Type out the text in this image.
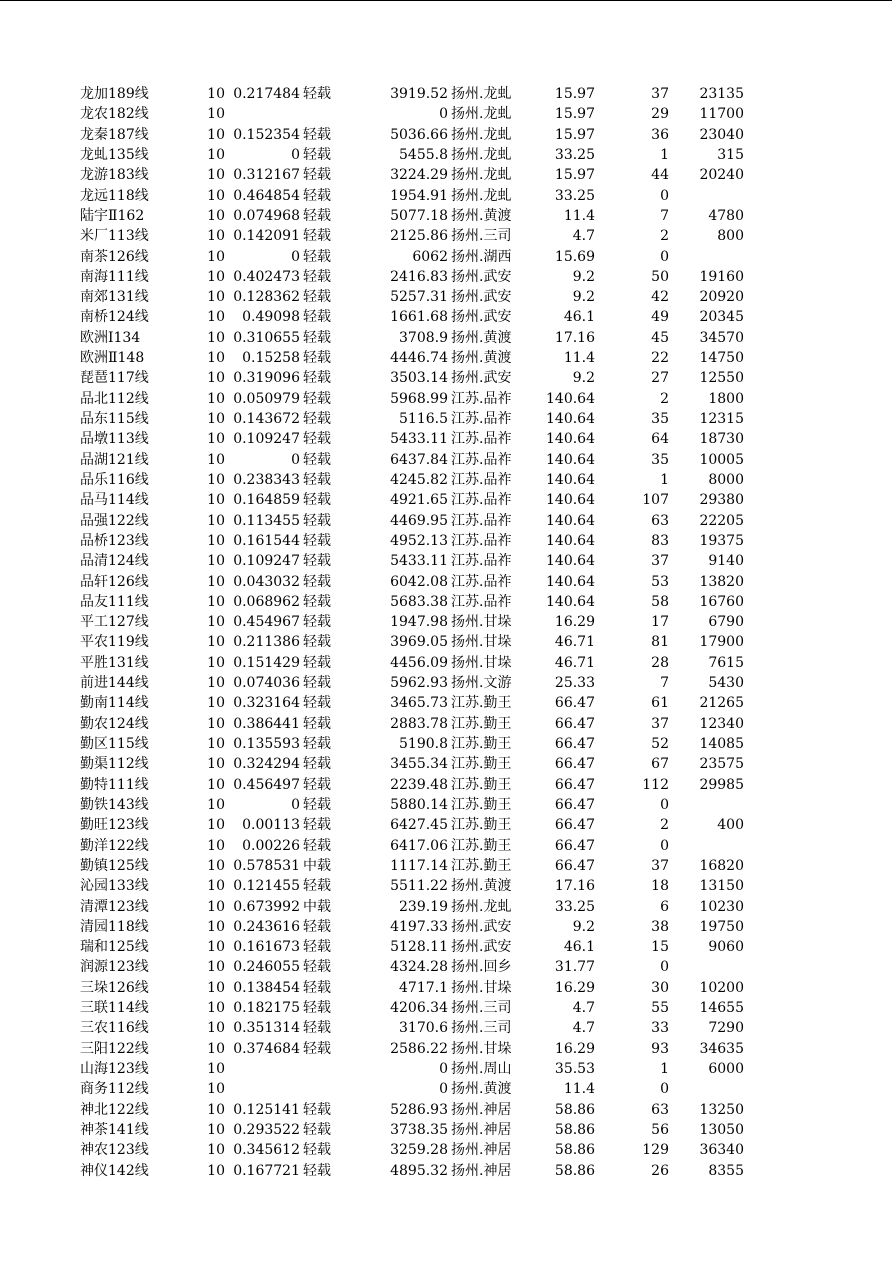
龙加189线	10 0.217484 轻载	3919.52 扬州.龙虬	15.97	37	23135
龙农182线	10	0 扬州.龙虬	15.97	29	11700
龙秦187线	10 0.152354 轻载	5036.66 扬州.龙虬	15.97	36	23040
龙虬135线	10	0 轻载	5455.8 扬州.龙虬	33.25	1	315
龙游183线	10 0.312167 轻载	3224.29 扬州.龙虬	15.97	44	20240
龙远118线	10 0.464854 轻载	1954.91 扬州.龙虬	33.25	0
陆宇Ⅱ162	10 0.074968 轻载	5077.18 扬州.黄渡	11.4	7	4780
米厂113线	10 0.142091 轻载	2125.86 扬州.三司	4.7	2	800
南茶126线	10	0 轻载	6062 扬州.湖西	15.69	0
南海111线	10 0.402473 轻载	2416.83 扬州.武安	9.2	50	19160
南郊131线	10 0.128362 轻载	5257.31 扬州.武安	9.2	42	20920
南桥124线	10	0.49098 轻载	1661.68 扬州.武安	46.1	49	20345
欧洲Ⅰ134	10 0.310655 轻载	3708.9 扬州.黄渡	17.16	45	34570
欧洲Ⅱ148	10	0.15258 轻载	4446.74 扬州.黄渡	11.4	22	14750
琵琶117线	10 0.319096 轻载	3503.14 扬州.武安	9.2	27	12550
品北112线	10 0.050979 轻载	5968.99 江苏.品祚	140.64	2	1800
品东115线	10 0.143672 轻载	5116.5 江苏.品祚	140.64	35	12315
品墩113线	10 0.109247 轻载	5433.11 江苏.品祚	140.64	64	18730
品湖121线	10	0 轻载	6437.84 江苏.品祚	140.64	35	10005
品乐116线	10 0.238343 轻载	4245.82 江苏.品祚	140.64	1	8000
品马114线	10 0.164859 轻载	4921.65 江苏.品祚	140.64	107	29380
品强122线	10 0.113455 轻载	4469.95 江苏.品祚	140.64	63	22205
品桥123线	10 0.161544 轻载	4952.13 江苏.品祚	140.64	83	19375
品清124线	10 0.109247 轻载	5433.11 江苏.品祚	140.64	37	9140
品轩126线	10 0.043032 轻载	6042.08 江苏.品祚	140.64	53	13820
品友111线	10 0.068962 轻载	5683.38 江苏.品祚	140.64	58	16760
平工127线	10 0.454967 轻载	1947.98 扬州.甘垛	16.29	17	6790
平农119线	10 0.211386 轻载	3969.05 扬州.甘垛	46.71	81	17900
平胜131线	10 0.151429 轻载	4456.09 扬州.甘垛	46.71	28	7615
前进144线	10 0.074036 轻载	5962.93 扬州.文游	25.33	7	5430
勤南114线	10 0.323164 轻载	3465.73 江苏.勤王	66.47	61	21265
勤农124线	10 0.386441 轻载	2883.78 江苏.勤王	66.47	37	12340
勤区115线	10 0.135593 轻载	5190.8 江苏.勤王	66.47	52	14085
勤渠112线	10 0.324294 轻载	3455.34 江苏.勤王	66.47	67	23575
勤特111线	10 0.456497 轻载	2239.48 江苏.勤王	66.47	112	29985
勤铁143线	10	0 轻载	5880.14 江苏.勤王	66.47	0
勤旺123线	10	0.00113 轻载	6427.45 江苏.勤王	66.47	2	400
勤洋122线	10	0.00226 轻载	6417.06 江苏.勤王	66.47	0
勤镇125线	10 0.578531 中载	1117.14 江苏.勤王	66.47	37	16820
沁园133线	10 0.121455 轻载	5511.22 扬州.黄渡	17.16	18	13150
清潭123线	10 0.673992 中载	239.19 扬州.龙虬	33.25	6	10230
清园118线	10 0.243616 轻载	4197.33 扬州.武安	9.2	38	19750
瑞和125线	10 0.161673 轻载	5128.11 扬州.武安	46.1	15	9060
润源123线	10 0.246055 轻载	4324.28 扬州.回乡	31.77	0
三垛126线	10 0.138454 轻载	4717.1 扬州.甘垛	16.29	30	10200
三联114线	10 0.182175 轻载	4206.34 扬州.三司	4.7	55	14655
三农116线	10 0.351314 轻载	3170.6 扬州.三司	4.7	33	7290
三阳122线	10 0.374684 轻载	2586.22 扬州.甘垛	16.29	93	34635
山海123线	10	0 扬州.周山	35.53	1	6000
商务112线	10	0 扬州.黄渡	11.4	0
神北122线	10 0.125141 轻载	5286.93 扬州.神居	58.86	63	13250
神茶141线	10 0.293522 轻载	3738.35 扬州.神居	58.86	56	13050
神农123线	10 0.345612 轻载	3259.28 扬州.神居	58.86	129	36340
神仪142线	10 0.167721 轻载	4895.32 扬州.神居	58.86	26	8355
